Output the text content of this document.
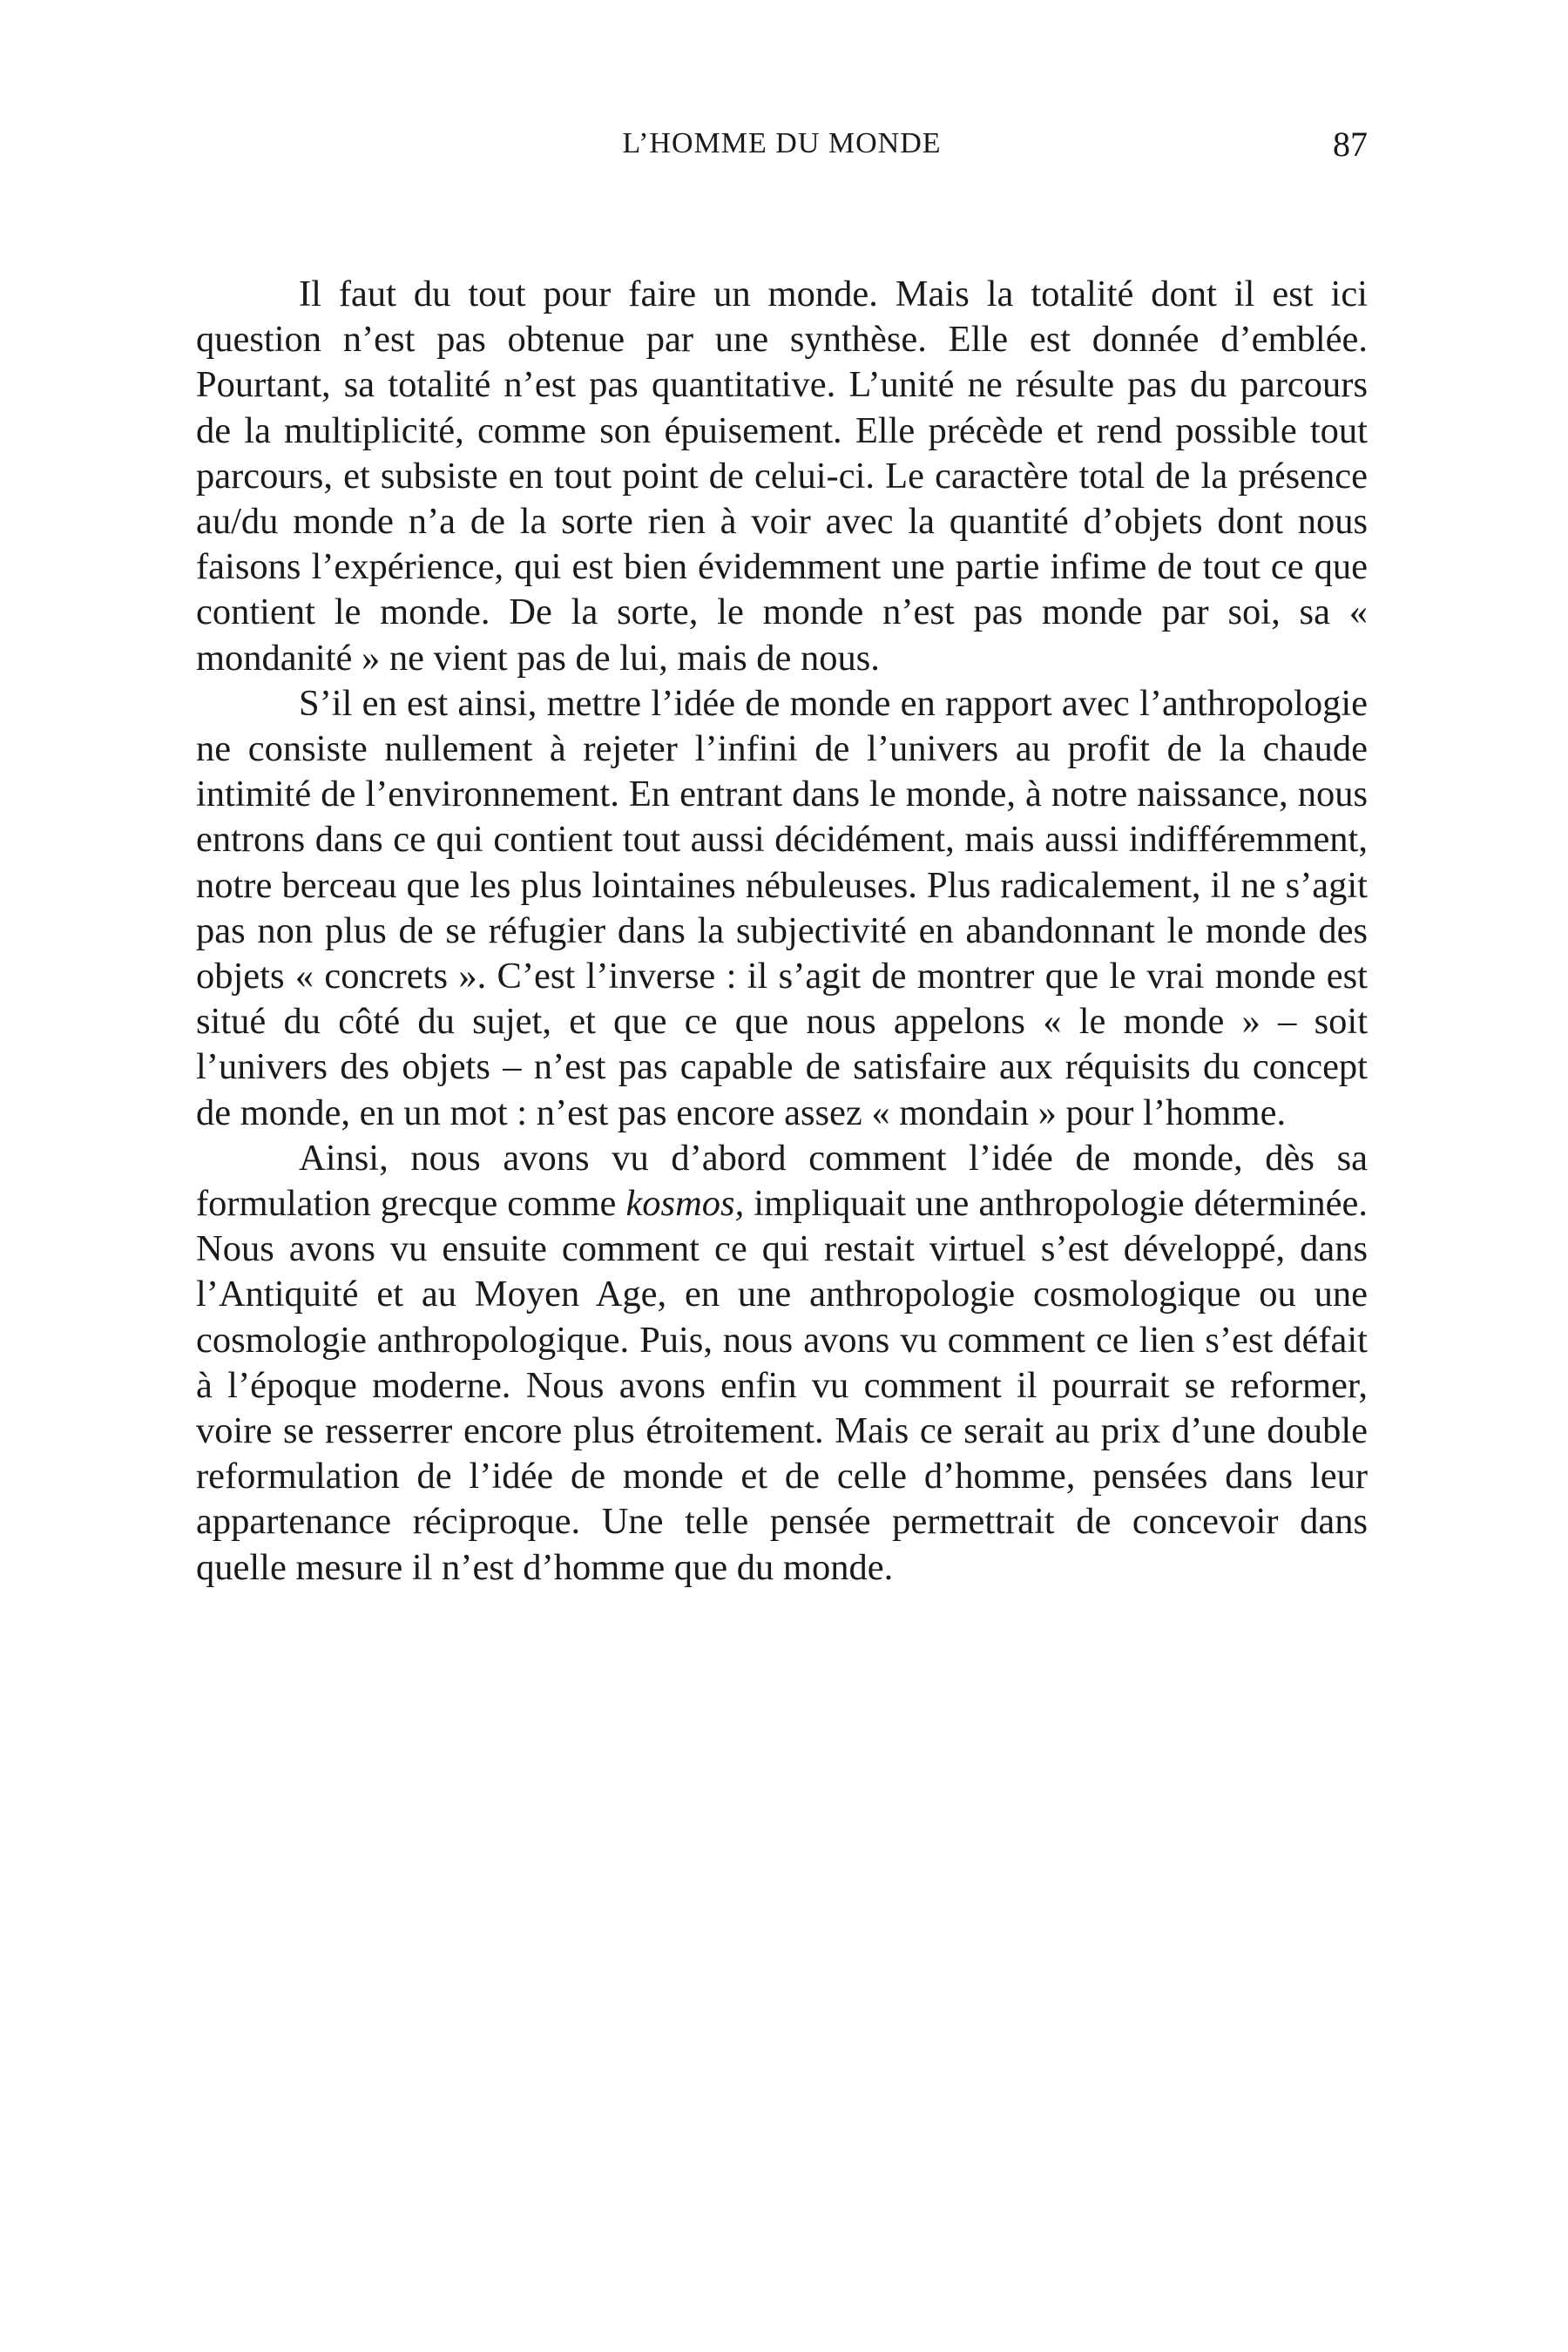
L’HOMME DU MONDE	87

Il faut du tout pour faire un monde. Mais la totalité dont il est ici question n’est pas obtenue par une synthèse. Elle est donnée d’emblée. Pourtant, sa totalité n’est pas quantitative. L’unité ne résulte pas du parcours de la multiplicité, comme son épuisement. Elle précède et rend possible tout parcours, et subsiste en tout point de celui-ci. Le caractère total de la présence au/du monde n’a de la sorte rien à voir avec la quantité d’objets dont nous faisons l’expérience, qui est bien évidemment une partie infime de tout ce que contient le monde. De la sorte, le monde n’est pas monde par soi, sa « mondanité » ne vient pas de lui, mais de nous.

S’il en est ainsi, mettre l’idée de monde en rapport avec l’anthropologie ne consiste nullement à rejeter l’infini de l’univers au profit de la chaude intimité de l’environnement. En entrant dans le monde, à notre naissance, nous entrons dans ce qui contient tout aussi décidément, mais aussi indifféremment, notre berceau que les plus lointaines nébuleuses. Plus radicalement, il ne s’agit pas non plus de se réfugier dans la subjectivité en abandonnant le monde des objets « concrets ». C’est l’inverse : il s’agit de montrer que le vrai monde est situé du côté du sujet, et que ce que nous appelons « le monde » – soit l’univers des objets – n’est pas capable de satisfaire aux réquisits du concept de monde, en un mot : n’est pas encore assez « mondain » pour l’homme.

Ainsi, nous avons vu d’abord comment l’idée de monde, dès sa formulation grecque comme kosmos, impliquait une anthropologie déterminée. Nous avons vu ensuite comment ce qui restait virtuel s’est développé, dans l’Antiquité et au Moyen Age, en une anthropologie cosmologique ou une cosmologie anthropologique. Puis, nous avons vu comment ce lien s’est défait à l’époque moderne. Nous avons enfin vu comment il pourrait se reformer, voire se resserrer encore plus étroitement. Mais ce serait au prix d’une double reformulation de l’idée de monde et de celle d’homme, pensées dans leur appartenance réciproque. Une telle pensée permettrait de concevoir dans quelle mesure il n’est d’homme que du monde.
